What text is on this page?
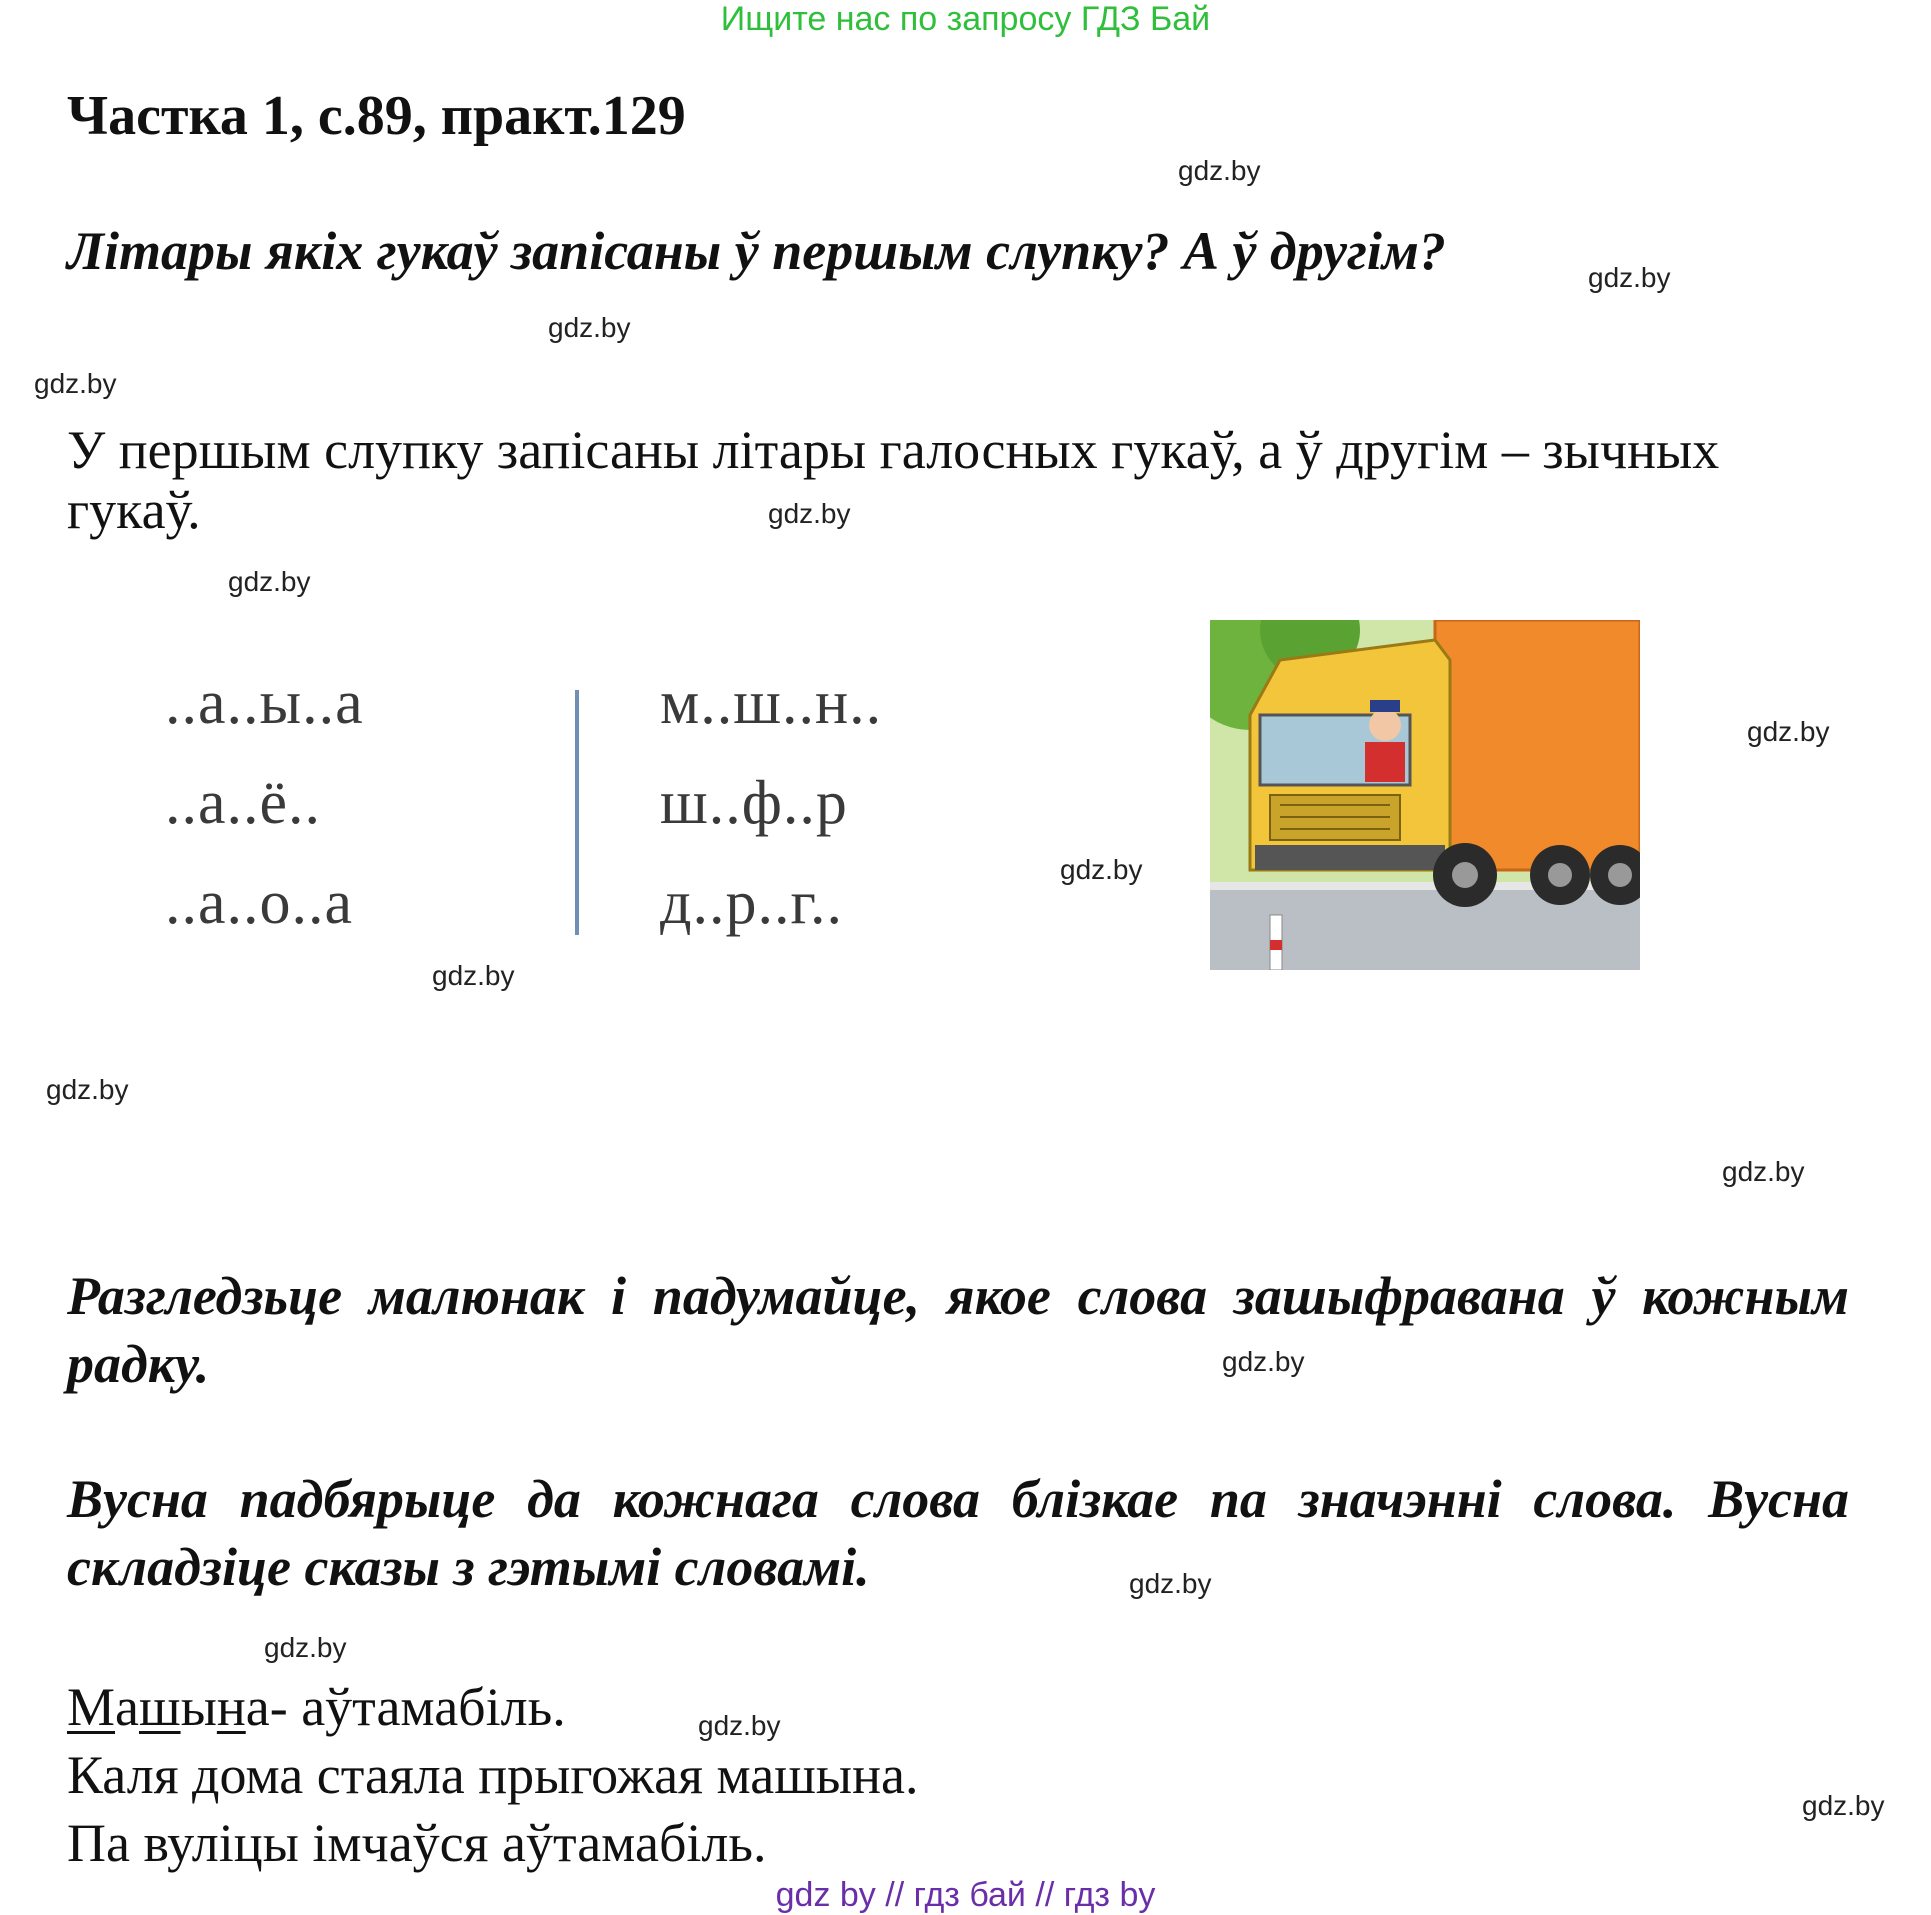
Ищите нас по запросу ГДЗ Бай
Частка 1, с.89, практ.129
Літары якіх гукаў запісаны ў першым слупку? А ў другім?
У першым слупку запісаны літары галосных гукаў, а ў другім – зычных гукаў.
..а..ы..а
..а..ё..
..а..о..а
м..ш..н..
ш..ф..р
д..р..г..
Разгледзьце малюнак і падумайце, якое слова зашыфравана ў кожным радку.
Вусна падбярыце да кожнага слова блізкае па значэнні слова. Вусна складзіце сказы з гэтымі словамі.
Машына- аўтамабіль.
Каля дома стаяла прыгожая машына.
Па вуліцы імчаўся аўтамабіль.
gdz.by
gdz.by
gdz.by
gdz.by
gdz.by
gdz.by
gdz.by
gdz.by
gdz.by
gdz.by
gdz.by
gdz.by
gdz.by
gdz.by
gdz.by
gdz.by
gdz by // гдз бай // гдз by
